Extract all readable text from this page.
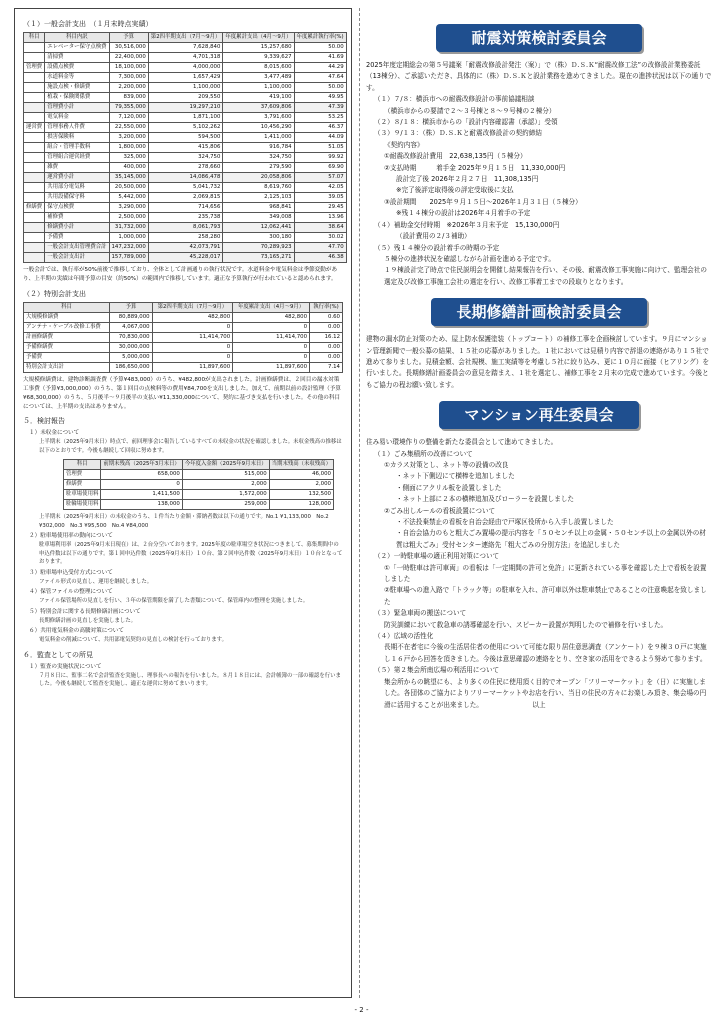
（１）一般会計支出　（１月末時点実績）
科目	科目内訳	予算	第2四半期支出（7月〜9月）	年度累計支出（4月〜9月）	年度累計執行率(%)
	エレベーター保守点検費	30,516,000	7,628,840	15,257,680	50.00
	清掃費	22,400,000	4,701,318	9,339,627	41.69
管理費	設備点検費	18,100,000	4,000,000	8,015,600	44.29
	水道料金等	7,300,000	1,657,429	3,477,489	47.64
	施設点検・修繕費	2,200,000	1,100,000	1,100,000	50.00
	植栽・保険関係費	839,000	209,550	419,100	49.95
	管理費小計	79,355,000	19,297,210	37,609,806	47.39
	電気料金	7,120,000	1,871,100	3,791,600	53.25
運営費	管理事務人件費	22,550,000	5,102,262	10,456,290	46.37
	損害保険料	3,200,000	594,500	1,411,000	44.09
	組合・管理手数料	1,800,000	415,806	916,784	51.05
	管理組合運営経費	325,000	324,750	324,750	99.92
	雑費	400,000	278,660	279,590	69.90
	運営費小計	35,145,000	14,086,478	20,058,806	57.07
	共用部分電気料	20,500,000	5,041,732	8,619,760	42.05
	共用設備保守料	5,442,000	2,069,815	2,125,103	39.05
修繕費	保守点検費	3,290,000	714,656	968,841	29.45
	補修費	2,500,000	235,738	349,008	13.96
	修繕費小計	31,732,000	8,061,793	12,062,441	38.64
	予備費	1,000,000	258,280	300,180	30.02
	一般会計支出管理費合計	147,232,000	42,073,791	70,289,923	47.70
	一般会計支出計	157,789,000	45,228,017	73,165,271	46.38
一般会計では、執行率が50%前後で推移しており、全体として計画通りの執行状況です。水道料金や電気料金は季節変動があり、上半期の実績は年間予算の目安（約50%）の範囲内で推移しています。適正な予算執行が行われていると認められます。
（２）特別会計支出
科目	予算	第2四半期支出（7月〜9月）	年度累計支出（4月〜9月）	執行率(%)
大規模修繕費	80,889,000	482,800	482,800	0.60
アンテナ・ケーブル改修工事費	4,067,000	0	0	0.00
計画修繕費	70,830,000	11,414,700	11,414,700	16.12
予備修繕費	30,000,000	0	0	0.00
予備費	5,000,000	0	0	0.00
特別会計支出計	186,650,000	11,897,600	11,897,600	7.14
大規模修繕費は、建物診断調査費（予算¥483,000）のうち、¥482,800が支出されました。計画修繕費は、２回目の漏水対策工事費（予算¥3,000,000）のうち、第１回目の点検料等の費用¥84,700を支出しました。加えて、前期以前の設計監理（予算¥68,300,000）のうち、５月後半〜９月後半の支払い¥11,330,000について、契約に基づき支払を行いました。その他の科目については、上半期の支出はありません。
５．検討報告
１）未収金について
上半期末（2025年9月末日）時点で、前回理事会に報告しているすべての未収金の状況を確認しました。未収金残高の推移は以下のとおりです。今後も継続して回収に努めます。
科目	前期末残高（2025年3月末日）	今年度入金額（2025年9月末日）	当期末残高（未収残高）
管理費	658,000	515,000	46,000
修繕費	0	2,000	2,000
駐車場使用料	1,411,500	1,572,000	132,500
駐輪場使用料	138,000	259,000	128,000
上半期末（2025年9月末日）の未収金のうち、１件当たり金額・滞納者数は以下の通りです。No.1 ¥1,133,000　No.2 ¥302,000　No.3 ¥95,500　No.4 ¥84,000
２）駐車場使用率の動向について
駐車場利用率（2025年9月末日現在）は、２台分空いております。2025年度の駐車場空き状況につきまして、募集期間中の申込件数は以下の通りです。第１回申込件数（2025年9月末日）１０台、第２回申込件数（2025年9月末日）１０台となっております。
３）駐車場申込受付方式について
ファイル形式の見直し、運用を継続しました。
４）保管ファイルの整理について
ファイル保管場所の見直しを行い、３年の保管期限を満了した書類について、保管庫内の整理を実施しました。
５）特別会計に関する長期修繕計画について
長期修繕計画の見直しを実施しました。
６）共用電気料金の高騰対策について
電気料金の削減について、共用部電気契約の見直しの検討を行っております。
６．監査としての所見
１）監査の実施状況について
７月８日に、監事二名で会計監査を実施し、理事長への報告を行いました。８月１８日には、会計帳簿の一部の確認を行いました。今後も継続して監査を実施し、適正な運営に努めてまいります。
耐震対策検討委員会

2025年度定期総会の第５号議案「耐震改修設計発注（案）」で（株）Ｄ.Ｓ.Ｋ“耐震改修工法”の改修設計業務委託（13棟分）、ご承認いただき、具体的に（株）Ｄ.Ｓ.Ｋと設計業務を進めてきました。現在の進捗状況は以下の通りです。

（１）７/８：横浜市への耐震改修設計の事前協議相談

（横浜市からの要請で２〜３号棟と８〜９号棟の２棟分）

（２）８/１８：横浜市からの「設計内容確認書（承認）」受領

（３）９/１３：（株）Ｄ.Ｓ.Ｋと耐震改修設計の契約締結

《契約内容》

①耐震改修設計費用　22,638,135円（５棟分）

②支払時期　　　着手金 2025年９月１５日　11,330,000円

設計完了後 2026年２月２７日　11,308,135円

※完了後評定取得後の評定受取後に支払

③設計期間　　2025年９月１５日〜2026年１月３１日（５棟分）

※残１４棟分の設計は2026年４月着手の予定

（４）補助金交付時期　※2026年３月末予定　15,130,000円

（設計費用の２/３補助）

（５）残１４棟分の設計着手の時期の予定

５棟分の進捗状況を確認しながら計画を進める予定です。

１９棟設計完了時点で住民説明会を開催し結果報告を行い、その後、耐震改修工事実施に向けて、監理会社の選定及び改修工事施工会社の選定を行い、改修工事着工までの段取りとなります。

長期修繕計画検討委員会
建物の漏水防止対策のため、屋上防水保護塗装（トップコート）の補修工事を企画検討しています。９月にマンション管理新聞で一般公募の結果、１５社の応募がありました。１社においては見積り内容で辞退の連絡があり１５社で進めて参りました。見積金額、会社規模、施工実績等を考慮し５社に絞り込み、更に１０月に面接（ヒアリング）を行いました。長期修繕計画委員会の意見を踏まえ、１社を選定し、補修工事を２月末の完成で進めています。今後ともご協力の程お願い致します。
マンション再生委員会

住み易い環境作りの整備を新たな委員会として進めてきました。

（１）ごみ集積所の改善について

①カラス対策とし、ネット等の設備の改良

・ネット下側辺にて横棒を追加しました

・側面にアクリル板を設置しました

・ネット上部に２本の横棒追加及びローラーを設置しました

②ごみ出しルールの看板設置について

・不法投棄禁止の看板を自治会経由で戸塚区役所から入手し設置しました

・自治会協力のもと粗大ごみ置場の提示内容を「５０センチ以上の金属・５０センチ以上の金属以外の材質は粗大ごみ」受付センター連絡先「粗大ごみの分別方法」を追記しました

（２）一時駐車場の適正利用対策について

①「一時駐車は許可車両」の看板は「一定期間の許可と免許」に更新されている事を確認した上で看板を設置しました

②駐車場への進入路で「トラック等」の駐車を入れ、許可車以外は駐車禁止であることの注意喚起を致しました

（３）緊急車両の搬送について

防災訓練において救急車の誘導確認を行い、スピーカー設置が判明したので補修を行いました。

（４）広域の活性化

長期不在者宅に今後の生活居住者の使用について可能な限り居住意思調査（アンケート）を９棟３０戸に実施し１６戸から回答を頂きました。今後は意思確認の連絡をとり、空き家の活用をできるよう努めて参ります。

（５）第２集会所南広場の利活用について

集会所からの眺望にも、より多くの住民に使用頂く目的でオープン「フリーマーケット」を（日）に実施しました。各団体のご協力によりフリーマーケットやお店を行い、当日の住民の方々にお楽しみ頂き、集会場の円滑に活用することが出来ました。　　　　　　　　以上

- 2 -
